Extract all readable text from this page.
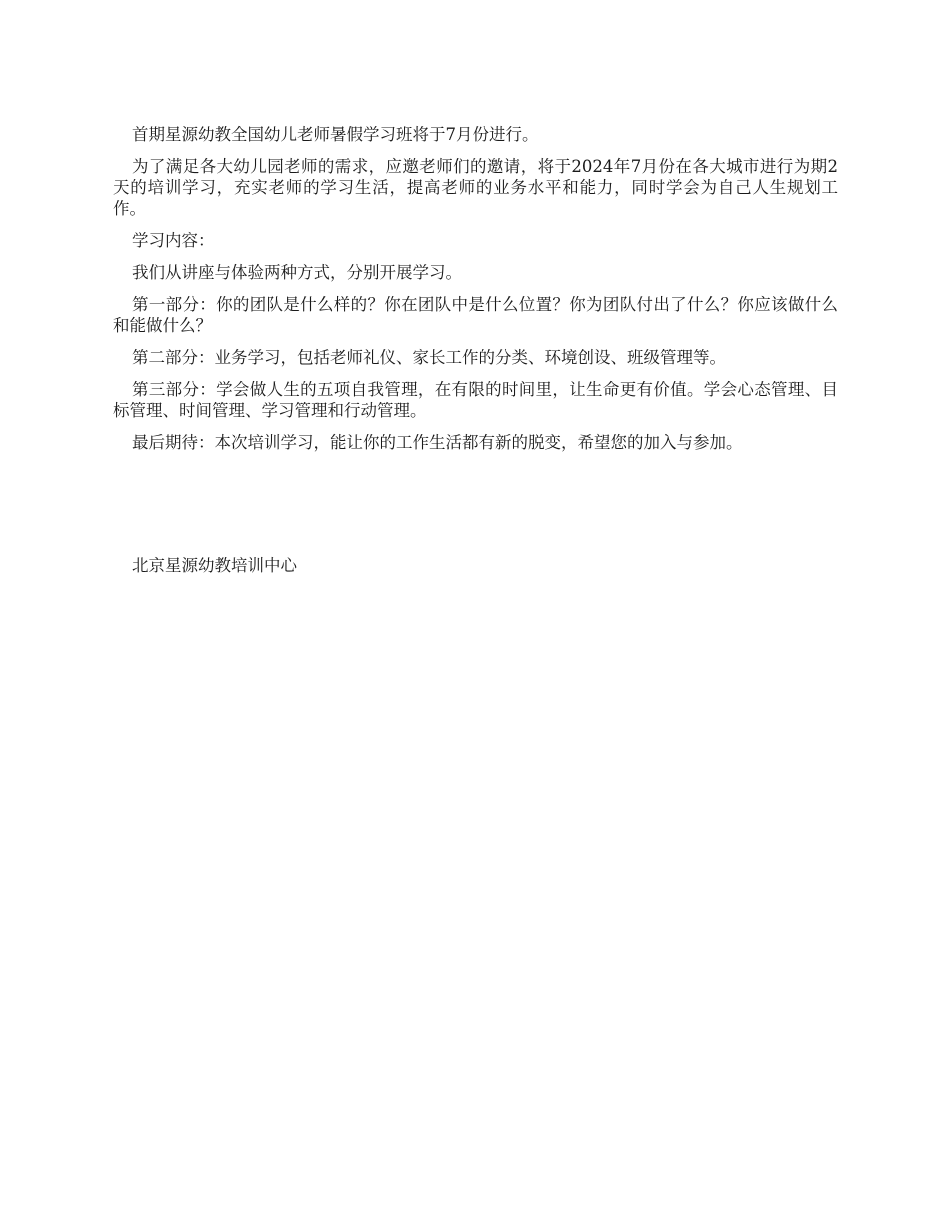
首期星源幼教全国幼儿老师暑假学习班将于7月份进行。

为了满足各大幼儿园老师的需求，应邀老师们的邀请，将于2024年7月份在各大城市进行为期2天的培训学习，充实老师的学习生活，提高老师的业务水平和能力，同时学会为自己人生规划工作。

学习内容：

我们从讲座与体验两种方式，分别开展学习。

第一部分：你的团队是什么样的？你在团队中是什么位置？你为团队付出了什么？你应该做什么和能做什么？

第二部分：业务学习，包括老师礼仪、家长工作的分类、环境创设、班级管理等。

第三部分：学会做人生的五项自我管理，在有限的时间里，让生命更有价值。学会心态管理、目标管理、时间管理、学习管理和行动管理。

最后期待：本次培训学习，能让你的工作生活都有新的脱变，希望您的加入与参加。

北京星源幼教培训中心
